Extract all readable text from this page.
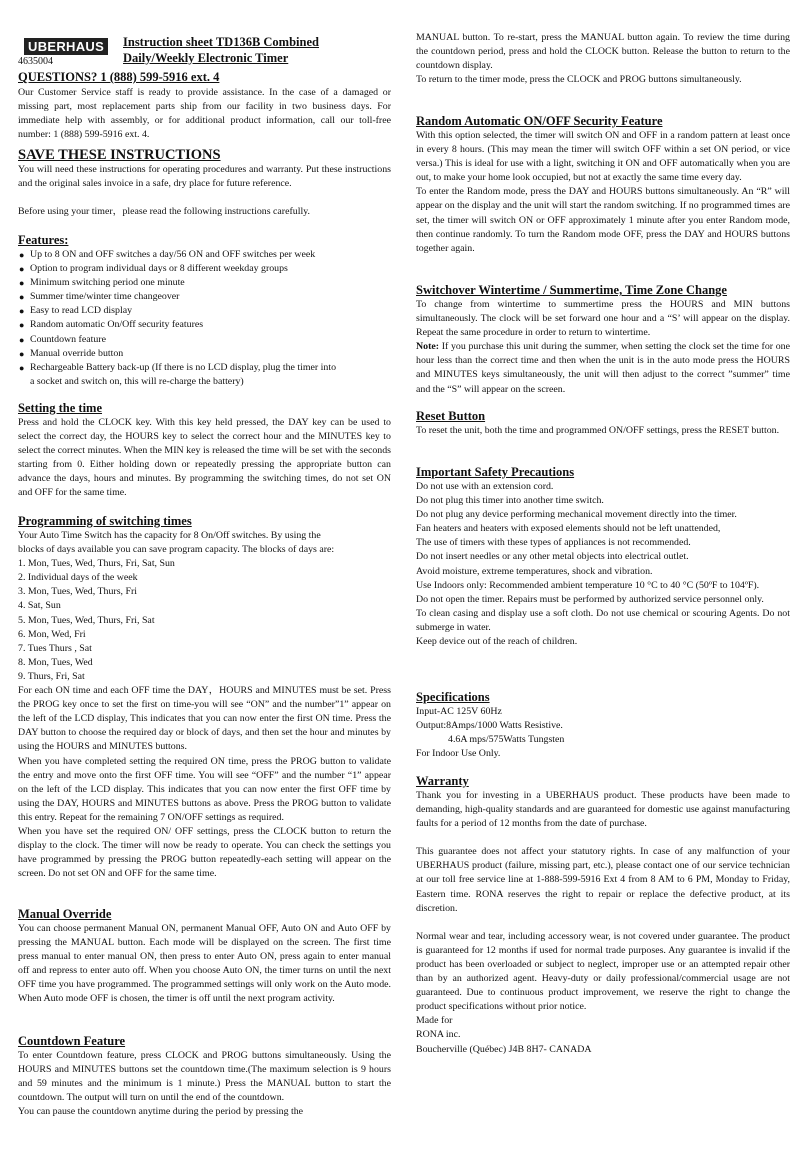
UBERHAUS
4635004
Instruction sheet TD136B Combined
Daily/Weekly Electronic Timer
QUESTIONS? 1 (888) 599-5916 ext. 4

Our Customer Service staff is ready to provide assistance. In the case of a damaged or missing part, most replacement parts ship from our facility in two business days. For immediate help with assembly, or for additional product information, call our toll-free number: 1 (888) 599-5916 ext. 4.

SAVE THESE INSTRUCTIONS

You will need these instructions for operating procedures and warranty. Put these instructions and the original sales invoice in a safe, dry place for future reference.

Before using your timer，please read the following instructions carefully.

Features:
● Up to 8 ON and OFF switches a day/56 ON and OFF switches per week
● Option to program individual days or 8 different weekday groups
● Minimum switching period one minute
● Summer time/winter time changeover
● Easy to read LCD display
● Random automatic On/Off security features
● Countdown feature
● Manual override button
● Rechargeable Battery back-up (If there is no LCD display, plug the timer into

a socket and switch on, this will re-charge the battery)

Setting the time

Press and hold the CLOCK key. With this key held pressed, the DAY key can be used to select the correct day, the HOURS key to select the correct hour and the MINUTES key to select the correct minutes. When the MIN key is released the time will be set with the seconds starting from 0. Either holding down or repeatedly pressing the appropriate button can advance the days, hours and minutes. By programming the switching times, do not set ON and OFF for the same time.

Programming of switching times

Your Auto Time Switch has the capacity for 8 On/Off switches. By using the

blocks of days available you can save program capacity. The blocks of days are:

1. Mon, Tues, Wed, Thurs, Fri, Sat, Sun

2. Individual days of the week

3. Mon, Tues, Wed, Thurs, Fri

4. Sat, Sun

5. Mon, Tues, Wed, Thurs, Fri, Sat

6. Mon, Wed, Fri

7. Tues Thurs , Sat

8. Mon, Tues, Wed

9. Thurs, Fri, Sat

For each ON time and each OFF time the DAY，HOURS and MINUTES must be set. Press the PROG key once to set the first on time-you will see “ON” and the number”1” appear on the left of the LCD display, This indicates that you can now enter the first ON time. Press the DAY button to choose the required day or block of days, and then set the hour and minutes by using the HOURS and MINUTES buttons.

When you have completed setting the required ON time, press the PROG button to validate the entry and move onto the first OFF time. You will see “OFF” and the number “1” appear on the left of the LCD display. This indicates that you can now enter the first OFF time by using the DAY, HOURS and MINUTES buttons as above. Press the PROG button to validate this entry. Repeat for the remaining 7 ON/OFF settings as required.

When you have set the required ON/ OFF settings, press the CLOCK button to return the display to the clock. The timer will now be ready to operate. You can check the settings you have programmed by pressing the PROG button repeatedly-each setting will appear on the screen. Do not set ON and OFF for the same time.

Manual Override

You can choose permanent Manual ON, permanent Manual OFF, Auto ON and Auto OFF by pressing the MANUAL button. Each mode will be displayed on the screen. The first time press manual to enter manual ON, then press to enter Auto ON, press again to enter manual off and repress to enter auto off. When you choose Auto ON, the timer turns on until the next OFF time you have programmed. The programmed settings will only work on the Auto mode. When Auto mode OFF is chosen, the timer is off until the next program activity.

Countdown Feature

To enter Countdown feature, press CLOCK and PROG buttons simultaneously. Using the HOURS and MINUTES buttons set the countdown time.(The maximum selection is 9 hours and 59 minutes and the minimum is 1 minute.) Press the MANUAL button to start the countdown. The output will turn on until the end of the countdown.

You can pause the countdown anytime during the period by pressing the

MANUAL button. To re-start, press the MANUAL button again. To review the time during the countdown period, press and hold the CLOCK button. Release the button to return to the countdown display.

To return to the timer mode, press the CLOCK and PROG buttons simultaneously.

Random Automatic ON/OFF Security Feature

With this option selected, the timer will switch ON and OFF in a random pattern at least once in every 8 hours. (This may mean the timer will switch OFF within a set ON period, or vice versa.) This is ideal for use with a light, switching it ON and OFF automatically when you are out, to make your home look occupied, but not at exactly the same time every day.

To enter the Random mode, press the DAY and HOURS buttons simultaneously. An “R” will appear on the display and the unit will start the random switching. If no programmed times are set, the timer will switch ON or OFF approximately 1 minute after you enter Random mode, then continue randomly. To turn the Random mode OFF, press the DAY and HOURS buttons together again.

Switchover Wintertime / Summertime, Time Zone Change

To change from wintertime to summertime press the HOURS and MIN buttons simultaneously. The clock will be set forward one hour and a “S’ will appear on the display. Repeat the same procedure in order to return to wintertime.

Note: If you purchase this unit during the summer, when setting the clock set the time for one hour less than the correct time and then when the unit is in the auto mode press the HOURS and MINUTES keys simultaneously, the unit will then adjust to the correct ”summer” time and the “S” will appear on the screen.

Reset Button

To reset the unit, both the time and programmed ON/OFF settings, press the RESET button.

Important Safety Precautions

Do not use with an extension cord.

Do not plug this timer into another time switch.

Do not plug any device performing mechanical movement directly into the timer.

Fan heaters and heaters with exposed elements should not be left unattended,

The use of timers with these types of appliances is not recommended.

Do not insert needles or any other metal objects into electrical outlet.

Avoid moisture, extreme temperatures, shock and vibration.

Use Indoors only: Recommended ambient temperature 10 °C to 40 °C (50ºF to 104ºF).

Do not open the timer. Repairs must be performed by authorized service personnel only.

To clean casing and display use a soft cloth. Do not use chemical or scouring Agents. Do not submerge in water.

Keep device out of the reach of children.

Specifications

Input-AC 125V 60Hz

Output:8Amps/1000 Watts Resistive.

4.6A mps/575Watts Tungsten

For Indoor Use Only.

Warranty

Thank you for investing in a UBERHAUS product. These products have been made to demanding, high-quality standards and are guaranteed for domestic use against manufacturing faults for a period of 12 months from the date of purchase.

This guarantee does not affect your statutory rights. In case of any malfunction of your UBERHAUS product (failure, missing part, etc.), please contact one of our service technician at our toll free service line at 1-888-599-5916 Ext 4 from 8 AM to 6 PM, Monday to Friday, Eastern time. RONA reserves the right to repair or replace the defective product, at its discretion.

Normal wear and tear, including accessory wear, is not covered under guarantee. The product is guaranteed for 12 months if used for normal trade purposes. Any guarantee is invalid if the product has been overloaded or subject to neglect, improper use or an attempted repair other than by an authorized agent. Heavy-duty or daily professional/commercial usage are not guaranteed. Due to continuous product improvement, we reserve the right to change the product specifications without prior notice.

Made for

RONA inc.

Boucherville (Québec) J4B 8H7- CANADA
